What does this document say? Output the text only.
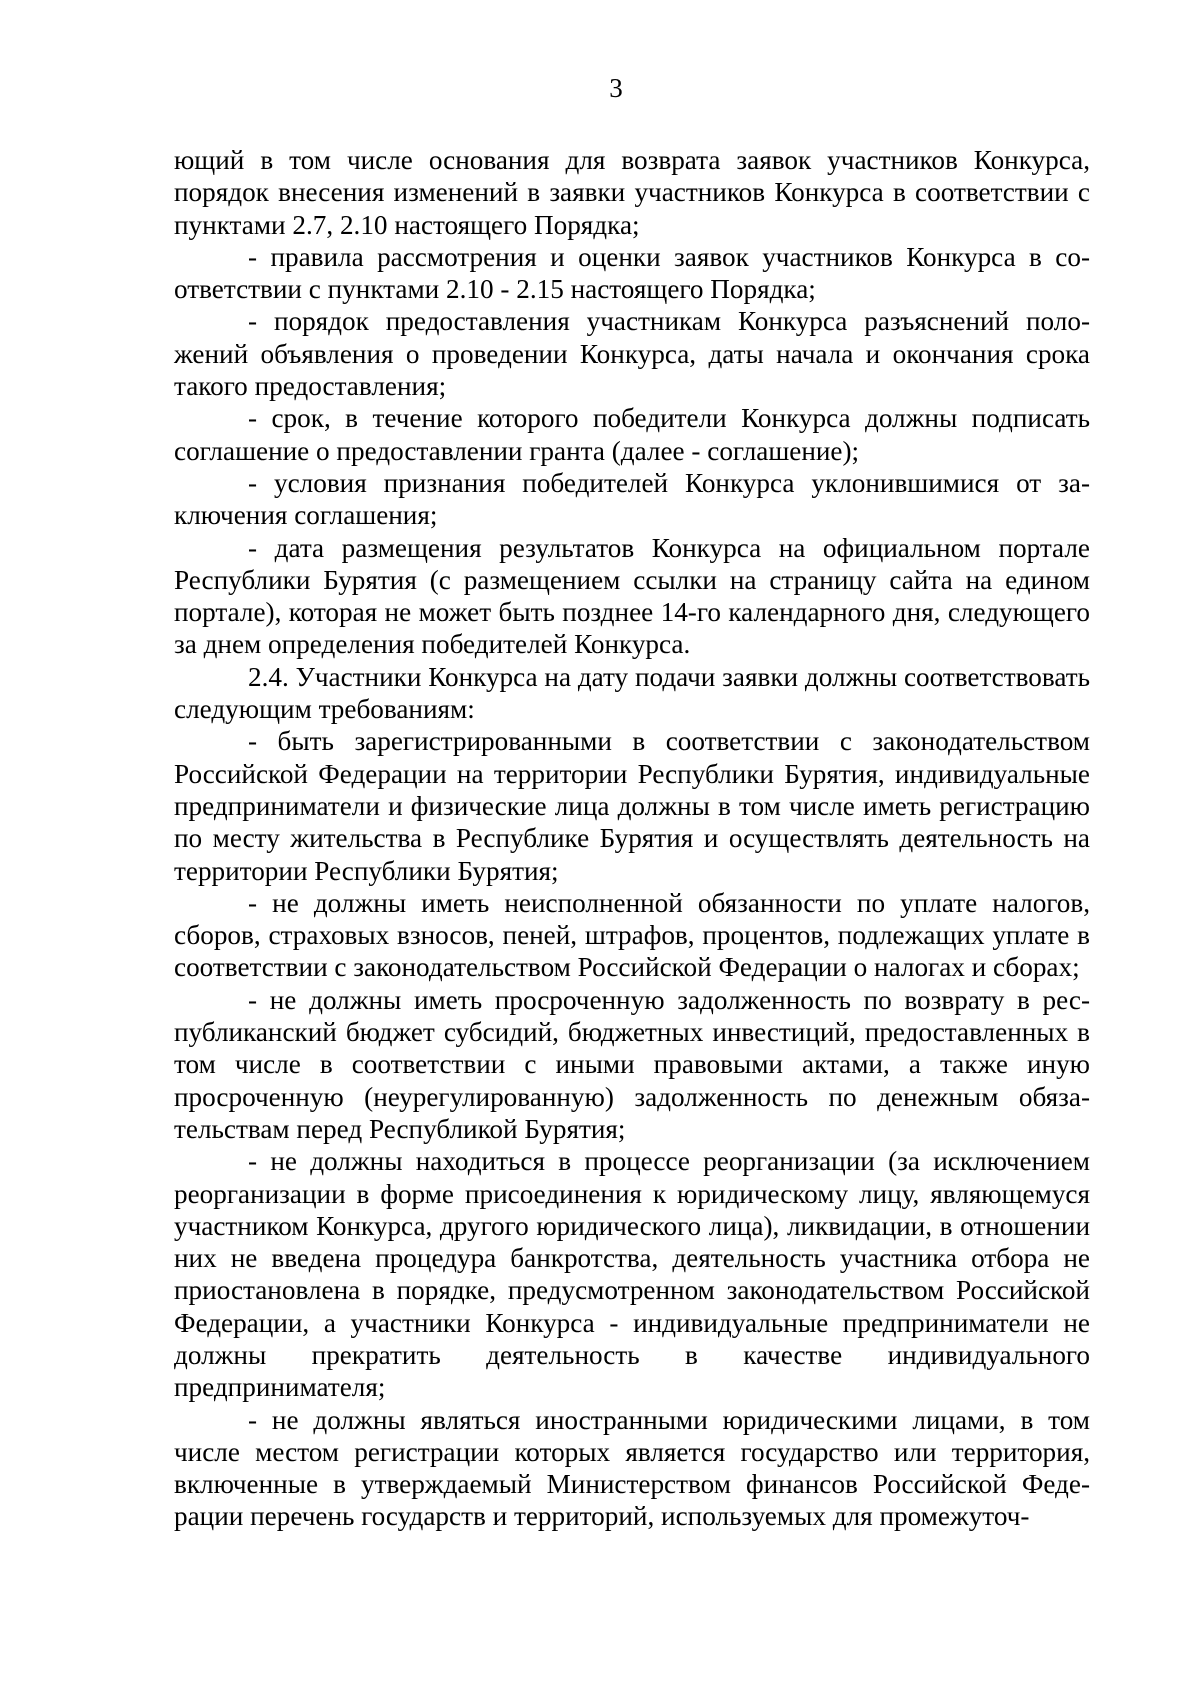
3

ющий в том числе основания для возврата заявок участников Конкурса, порядок внесения изменений в заявки участников Конкурса в соответствии с пунктами 2.7, 2.10 настоящего Порядка;

- правила рассмотрения и оценки заявок участников Конкурса в соответствии с пунктами 2.10 - 2.15 настоящего Порядка;

- порядок предоставления участникам Конкурса разъяснений положений объявления о проведении Конкурса, даты начала и окончания срока такого предоставления;

- срок, в течение которого победители Конкурса должны подписать соглашение о предоставлении гранта (далее - соглашение);

- условия признания победителей Конкурса уклонившимися от заключения соглашения;

- дата размещения результатов Конкурса на официальном портале Республики Бурятия (с размещением ссылки на страницу сайта на едином портале), которая не может быть позднее 14-го календарного дня, следующего за днем определения победителей Конкурса.

2.4. Участники Конкурса на дату подачи заявки должны соответствовать следующим требованиям:

- быть зарегистрированными в соответствии с законодательством Российской Федерации на территории Республики Бурятия, индивидуальные предприниматели и физические лица должны в том числе иметь регистрацию по месту жительства в Республике Бурятия и осуществлять деятельность на территории Республики Бурятия;

- не должны иметь неисполненной обязанности по уплате налогов, сборов, страховых взносов, пеней, штрафов, процентов, подлежащих уплате в соответствии с законодательством Российской Федерации о налогах и сборах;

- не должны иметь просроченную задолженность по возврату в республиканский бюджет субсидий, бюджетных инвестиций, предоставленных в том числе в соответствии с иными правовыми актами, а также иную просроченную (неурегулированную) задолженность по денежным обязательствам перед Республикой Бурятия;

- не должны находиться в процессе реорганизации (за исключением реорганизации в форме присоединения к юридическому лицу, являющемуся участником Конкурса, другого юридического лица), ликвидации, в отношении них не введена процедура банкротства, деятельность участника отбора не приостановлена в порядке, предусмотренном законодательством Российской Федерации, а участники Конкурса - индивидуальные предприниматели не должны прекратить деятельность в качестве индивидуального предпринимателя;

- не должны являться иностранными юридическими лицами, в том числе местом регистрации которых является государство или территория, включенные в утверждаемый Министерством финансов Российской Федерации перечень государств и территорий, используемых для промежуточ-
